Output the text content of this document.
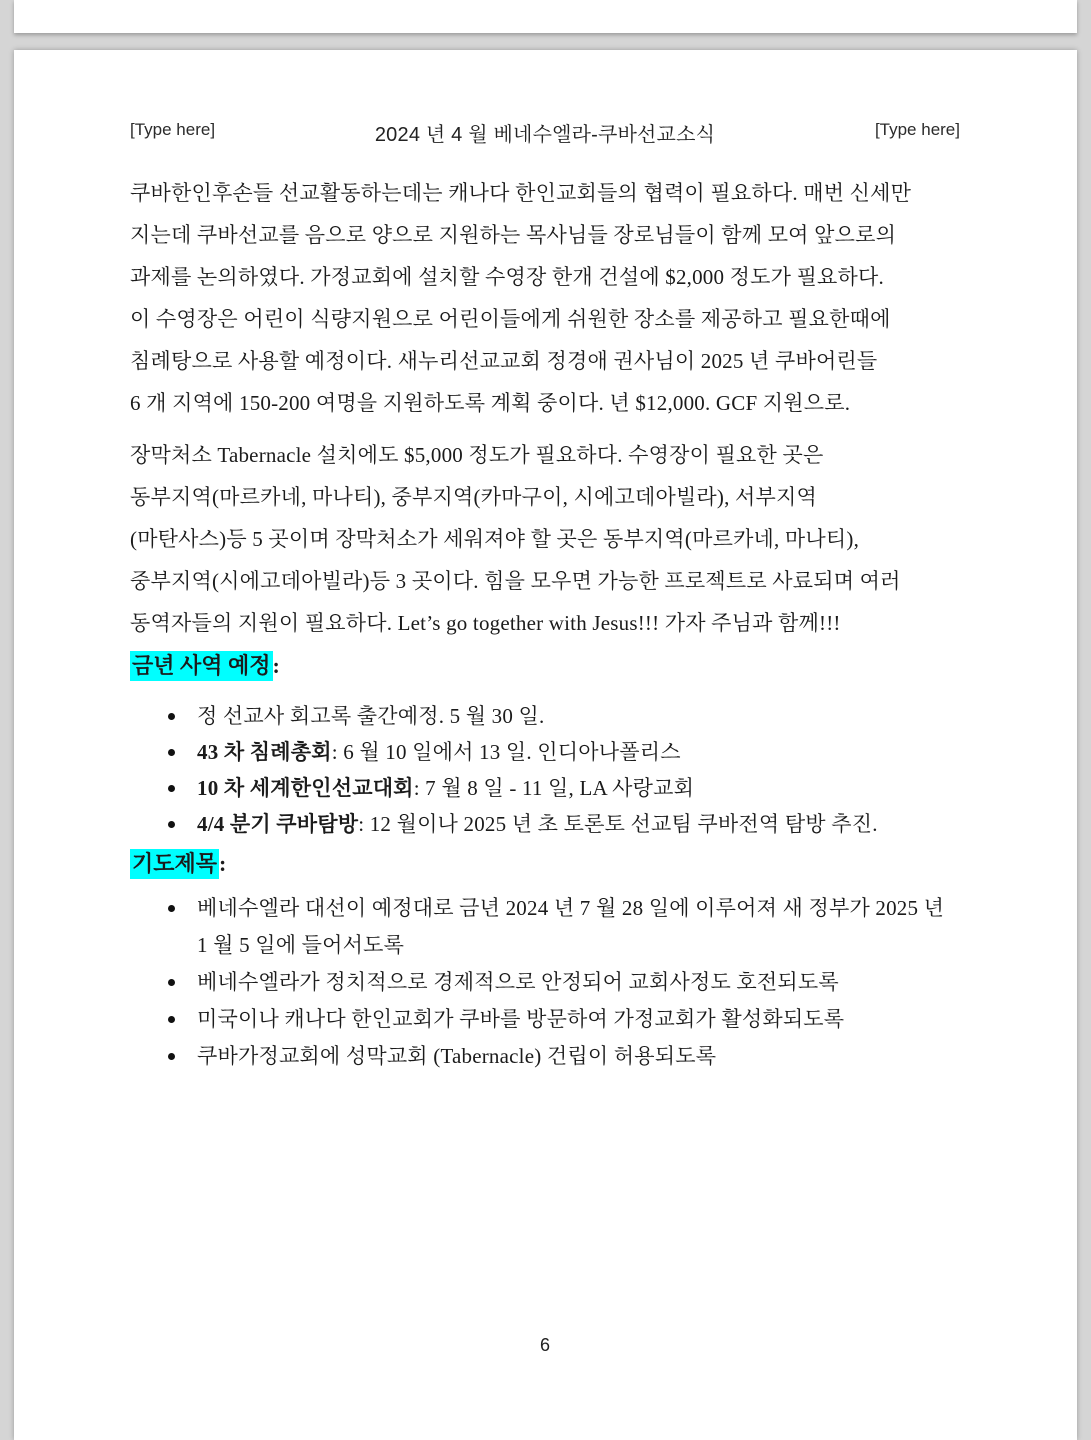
[Type here]	2024 년 4 월 베네수엘라-쿠바선교소식	[Type here]
쿠바한인후손들 선교활동하는데는 캐나다 한인교회들의 협력이 필요하다. 매번 신세만
지는데 쿠바선교를 음으로 양으로 지원하는 목사님들 장로님들이 함께 모여 앞으로의
과제를 논의하였다. 가정교회에 설치할 수영장 한개 건설에 $2,000 정도가 필요하다.
이 수영장은 어린이 식량지원으로 어린이들에게 쉬원한 장소를 제공하고 필요한때에
침례탕으로 사용할 예정이다. 새누리선교교회 정경애 권사님이 2025 년 쿠바어린들
6 개 지역에 150-200 여명을 지원하도록 계획 중이다. 년 $12,000. GCF 지원으로.
장막처소 Tabernacle 설치에도 $5,000 정도가 필요하다. 수영장이 필요한 곳은
동부지역(마르카네, 마나티), 중부지역(카마구이, 시에고데아빌라), 서부지역
(마탄사스)등 5 곳이며 장막처소가 세워져야 할 곳은 동부지역(마르카네, 마나티),
중부지역(시에고데아빌라)등 3 곳이다. 힘을 모우면 가능한 프로젝트로 사료되며 여러
동역자들의 지원이 필요하다. Let’s go together with Jesus!!! 가자 주님과 함께!!!
금년 사역 예정:
정 선교사 회고록 출간예정. 5 월 30 일.
43 차 침례총회: 6 월 10 일에서 13 일. 인디아나폴리스
10 차 세계한인선교대회: 7 월 8 일 - 11 일, LA 사랑교회
4/4 분기 쿠바탐방: 12 월이나 2025 년 초 토론토 선교팀 쿠바전역 탐방 추진.
기도제목:
베네수엘라 대선이 예정대로 금년 2024 년 7 월 28 일에 이루어져 새 정부가 2025 년 1 월 5 일에 들어서도록
베네수엘라가 정치적으로 경제적으로 안정되어 교회사정도 호전되도록
미국이나 캐나다 한인교회가 쿠바를 방문하여 가정교회가 활성화되도록
쿠바가정교회에 성막교회 (Tabernacle) 건립이 허용되도록
6
